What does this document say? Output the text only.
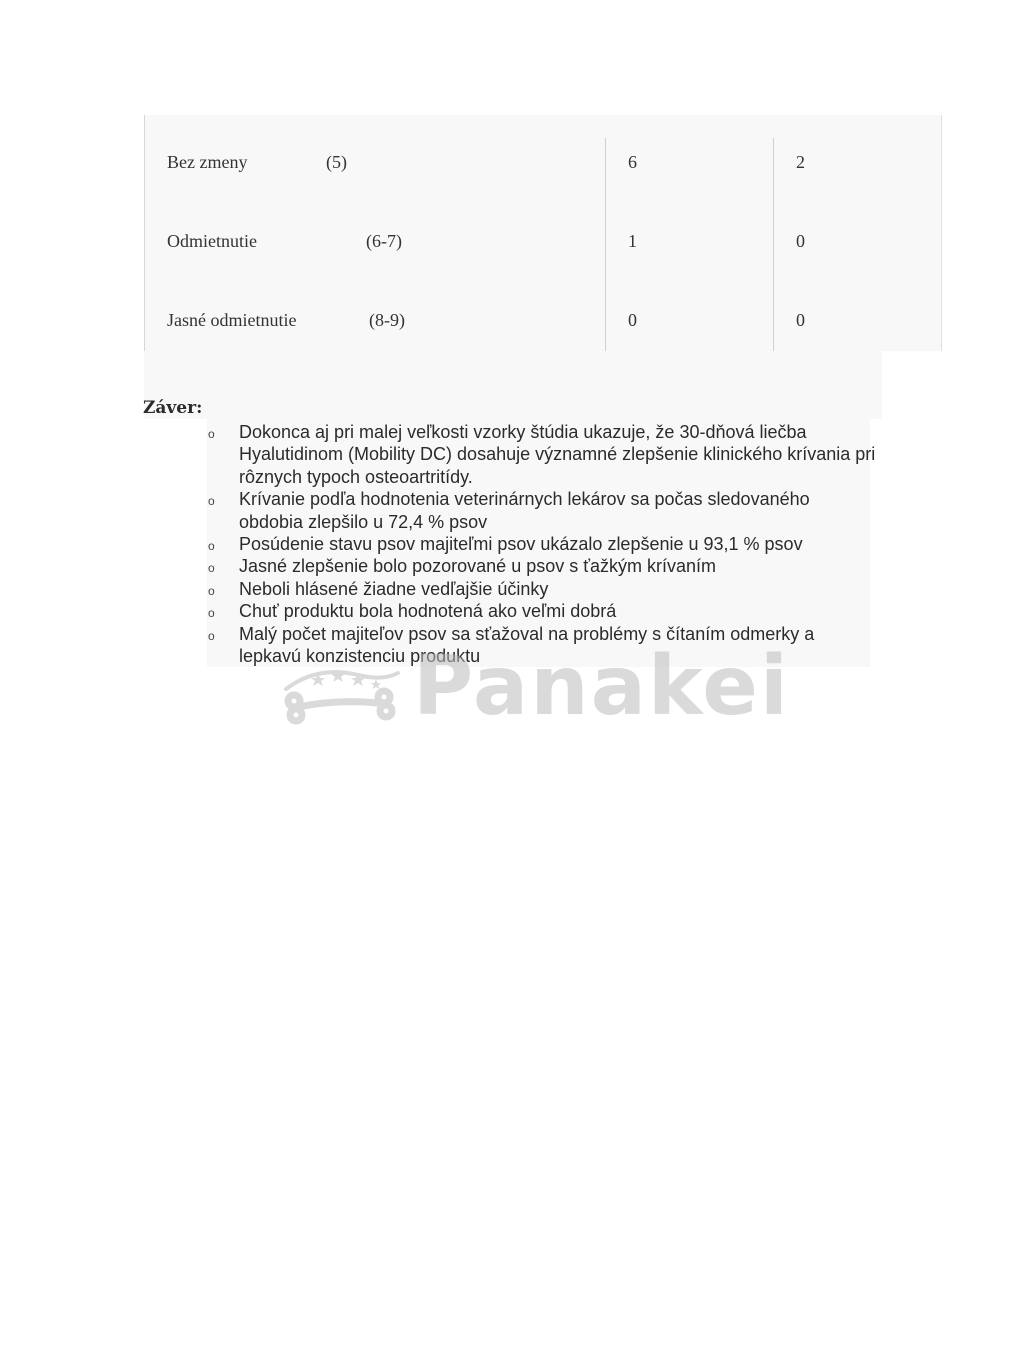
Bez zmeny	(5)	6	2
Odmietnutie	(6-7)	1	0
Jasné odmietnutie	(8-9)	0	0
Záver:
o Dokonca aj pri malej veľkosti vzorky štúdia ukazuje, že 30-dňová liečba Hyalutidinom (Mobility DC) dosahuje významné zlepšenie klinického krívania pri rôznych typoch osteoartritídy.
o Krívanie podľa hodnotenia veterinárnych lekárov sa počas sledovaného obdobia zlepšilo u 72,4 % psov
o Posúdenie stavu psov majiteľmi psov ukázalo zlepšenie u 93,1 % psov
o Jasné zlepšenie bolo pozorované u psov s ťažkým krívaním
o Neboli hlásené žiadne vedľajšie účinky
o Chuť produktu bola hodnotená ako veľmi dobrá
o Malý počet majiteľov psov sa sťažoval na problémy s čítaním odmerky a lepkavú konzistenciu produktu
Panakei
